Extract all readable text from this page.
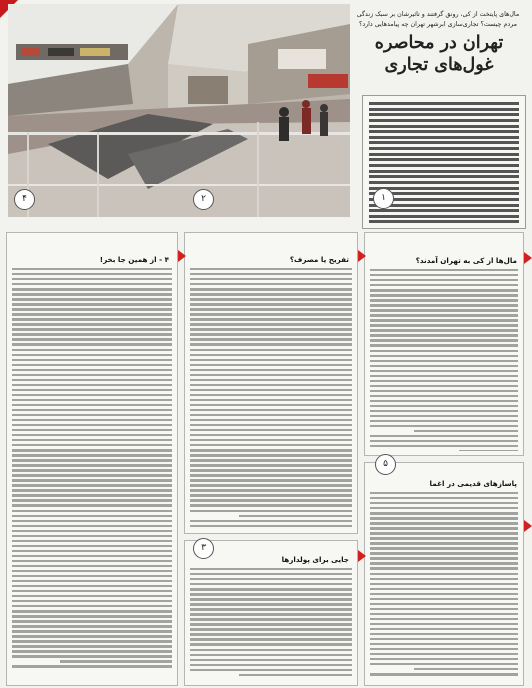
مال‌های پایتخت از کی، رونق گرفتند و تاثیرشان بر سبک زندگی مردم چیست؟ تجاری‌سازی ابرشهر تهران چه پیامدهایی دارد؟
تهران در محاصره
غول‌های تجاری
مال‌ها از کی به تهران آمدند؟
۱
پاسازهای قدیمی در اغما
۵
تفریح یا مصرف؟
۲
جایی برای پولدارها
۳
۴ - از همین جا بخر!
۴
